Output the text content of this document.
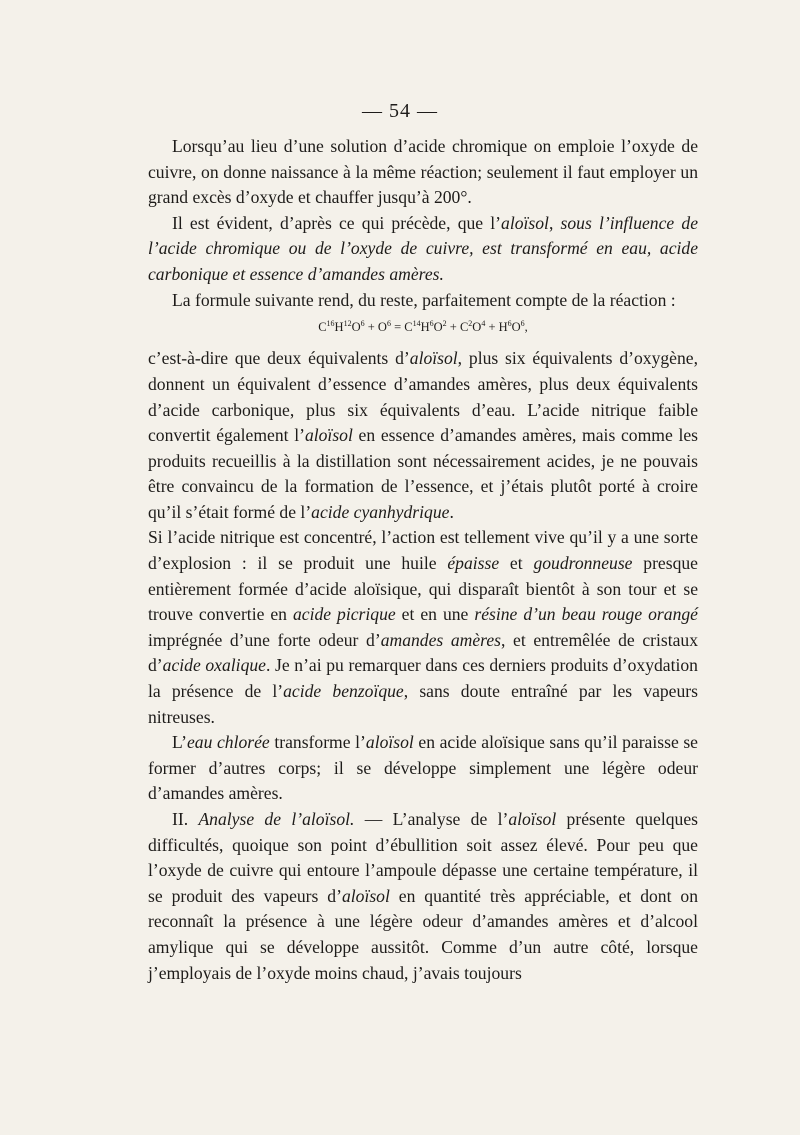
— 54 —

Lorsqu’au lieu d’une solution d’acide chromique on emploie l’oxyde de cuivre, on donne naissance à la même réaction; seulement il faut employer un grand excès d’oxyde et chauffer jusqu’à 200°.

Il est évident, d’après ce qui précède, que l’aloïsol, sous l’influence de l’acide chromique ou de l’oxyde de cuivre, est transformé en eau, acide carbonique et essence d’amandes amères.

La formule suivante rend, du reste, parfaitement compte de la réaction :

$C^{16}H^{12}O^6 + O^6 = C^{14}H^6O^2 + C^2O^4 + H^6O^6$,

c’est-à-dire que deux équivalents d’aloïsol, plus six équivalents d’oxygène, donnent un équivalent d’essence d’amandes amères, plus deux équivalents d’acide carbonique, plus six équivalents d’eau. L’acide nitrique faible convertit également l’aloïsol en essence d’amandes amères, mais comme les produits recueillis à la distillation sont nécessairement acides, je ne pouvais être convaincu de la formation de l’essence, et j’étais plutôt porté à croire qu’il s’était formé de l’acide cyanhydrique.

Si l’acide nitrique est concentré, l’action est tellement vive qu’il y a une sorte d’explosion : il se produit une huile épaisse et goudronneuse presque entièrement formée d’acide aloïsique, qui disparaît bientôt à son tour et se trouve convertie en acide picrique et en une résine d’un beau rouge orangé imprégnée d’une forte odeur d’amandes amères, et entremêlée de cristaux d’acide oxalique. Je n’ai pu remarquer dans ces derniers produits d’oxydation la présence de l’acide benzoïque, sans doute entraîné par les vapeurs nitreuses.

L’eau chlorée transforme l’aloïsol en acide aloïsique sans qu’il paraisse se former d’autres corps; il se développe simplement une légère odeur d’amandes amères.

II. Analyse de l’aloïsol. — L’analyse de l’aloïsol présente quelques difficultés, quoique son point d’ébullition soit assez élevé. Pour peu que l’oxyde de cuivre qui entoure l’ampoule dépasse une certaine température, il se produit des vapeurs d’aloïsol en quantité très appréciable, et dont on reconnaît la présence à une légère odeur d’amandes amères et d’alcool amylique qui se développe aussitôt. Comme d’un autre côté, lorsque j’employais de l’oxyde moins chaud, j’avais toujours
